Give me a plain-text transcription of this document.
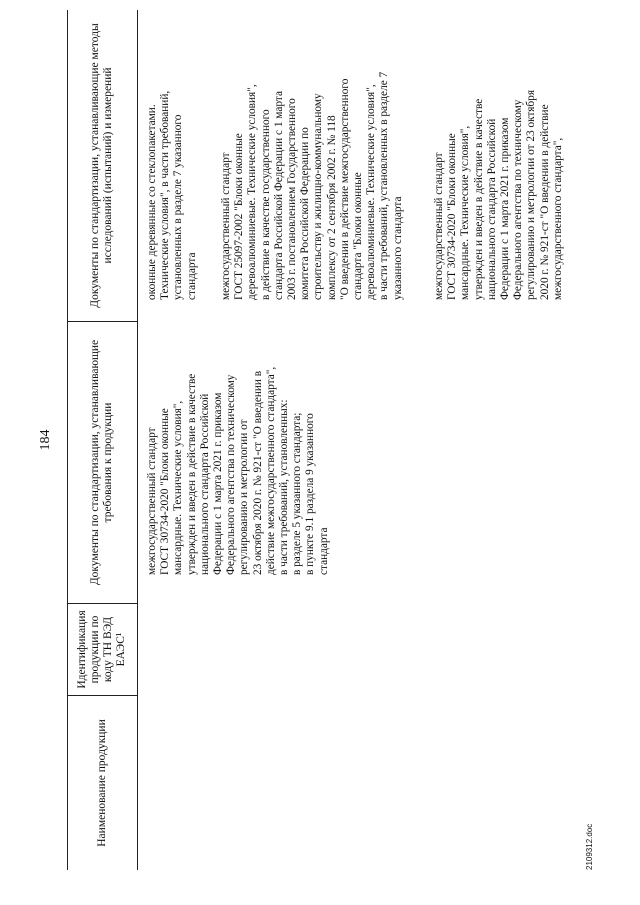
184
Наименование продукции
Идентификация продукции по коду ТН ВЭД ЕАЭС¹
Документы по стандартизации, устанавливающие требования к продукции
Документы по стандартизации, устанавливающие методы исследований (испытаний) и измерений
межгосударственный стандарт
ГОСТ 30734-2020 "Блоки оконные
мансардные. Технические условия",
утвержден и введен в действие в качестве
национального стандарта Российской
Федерации с 1 марта 2021 г. приказом
Федерального агентства по техническому
регулированию и метрологии от
23 октября 2020 г. № 921-ст "О введении в
действие межгосударственного стандарта",
в части требований, установленных:
в разделе 5 указанного стандарта;
в пункте 9.1 раздела 9 указанного
стандарта
оконные деревянные со стеклопакетами.
Технические условия", в части требований,
установленных в разделе 7 указанного
стандарта межгосударственный стандарт
ГОСТ 25097-2002 "Блоки оконные
деревоалюминиевые. Технические условия",
в действие в качестве государственного
стандарта Российской Федерации с 1 марта
2003 г. постановлением Государственного
комитета Российской Федерации по
строительству и жилищно-коммунальному
комплексу от 2 сентября 2002 г. № 118
"О введении в действие межгосударственного
стандарта "Блоки оконные
деревоалюминиевые. Технические условия",
в части требований, установленных в разделе 7
указанного стандарта	межгосударственный стандарт
ГОСТ 30734-2020 "Блоки оконные
мансардные. Технические условия",
утвержден и введен в действие в качестве
национального стандарта Российской
Федерации с 1 марта 2021 г. приказом
Федерального агентства по техническому
регулированию и метрологии от 23 октября
2020 г. № 921-ст "О введении в действие
межгосударственного стандарта",
2109312.doc
